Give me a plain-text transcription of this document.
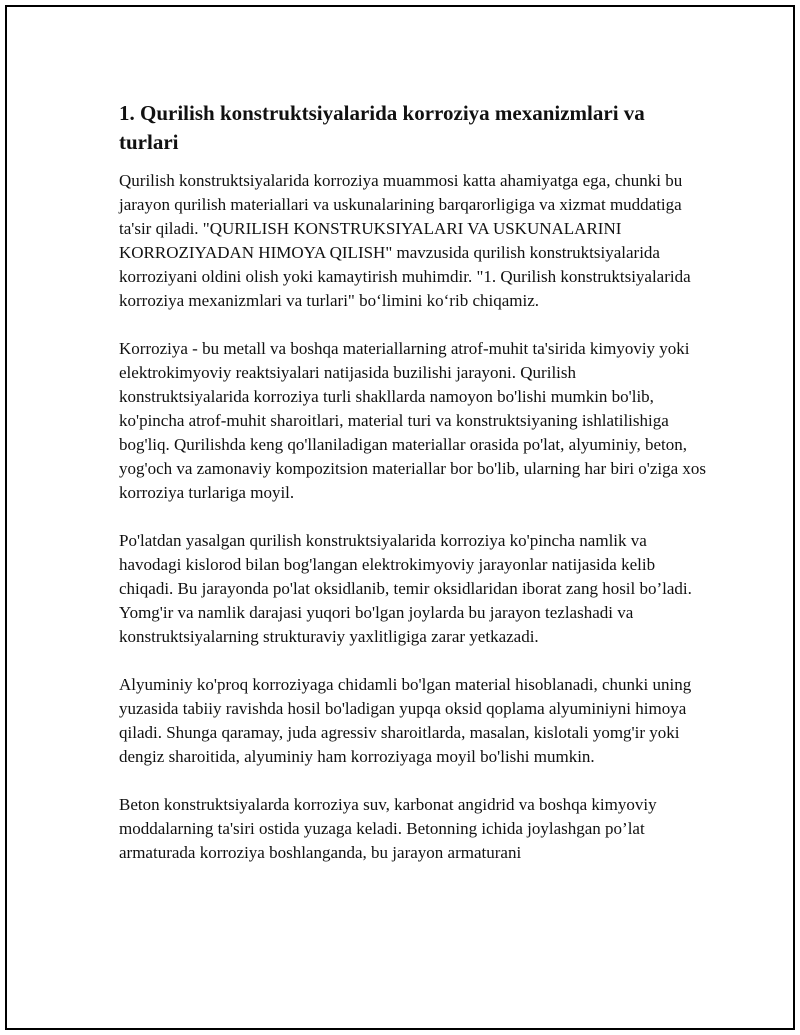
1. Qurilish konstruktsiyalarida korroziya mexanizmlari va turlari

Qurilish konstruktsiyalarida korroziya muammosi katta ahamiyatga ega, chunki bu jarayon qurilish materiallari va uskunalarining barqarorligiga va xizmat muddatiga ta'sir qiladi. "QURILISH KONSTRUKSIYALARI VA USKUNALARINI KORROZIYADAN HIMOYA QILISH" mavzusida qurilish konstruktsiyalarida korroziyani oldini olish yoki kamaytirish muhimdir. "1. Qurilish konstruktsiyalarida korroziya mexanizmlari va turlari" bo‘limini ko‘rib chiqamiz.

Korroziya - bu metall va boshqa materiallarning atrof-muhit ta'sirida kimyoviy yoki elektrokimyoviy reaktsiyalari natijasida buzilishi jarayoni. Qurilish konstruktsiyalarida korroziya turli shakllarda namoyon bo'lishi mumkin bo'lib, ko'pincha atrof-muhit sharoitlari, material turi va konstruktsiyaning ishlatilishiga bog'liq. Qurilishda keng qo'llaniladigan materiallar orasida po'lat, alyuminiy, beton, yog'och va zamonaviy kompozitsion materiallar bor bo'lib, ularning har biri o'ziga xos korroziya turlariga moyil.

Po'latdan yasalgan qurilish konstruktsiyalarida korroziya ko'pincha namlik va havodagi kislorod bilan bog'langan elektrokimyoviy jarayonlar natijasida kelib chiqadi. Bu jarayonda po'lat oksidlanib, temir oksidlaridan iborat zang hosil bo’ladi. Yomg'ir va namlik darajasi yuqori bo'lgan joylarda bu jarayon tezlashadi va konstruktsiyalarning strukturaviy yaxlitligiga zarar yetkazadi.

Alyuminiy ko'proq korroziyaga chidamli bo'lgan material hisoblanadi, chunki uning yuzasida tabiiy ravishda hosil bo'ladigan yupqa oksid qoplama alyuminiyni himoya qiladi. Shunga qaramay, juda agressiv sharoitlarda, masalan, kislotali yomg'ir yoki dengiz sharoitida, alyuminiy ham korroziyaga moyil bo'lishi mumkin.

Beton konstruktsiyalarda korroziya suv, karbonat angidrid va boshqa kimyoviy moddalarning ta'siri ostida yuzaga keladi. Betonning ichida joylashgan po’lat armaturada korroziya boshlanganda, bu jarayon armaturani
